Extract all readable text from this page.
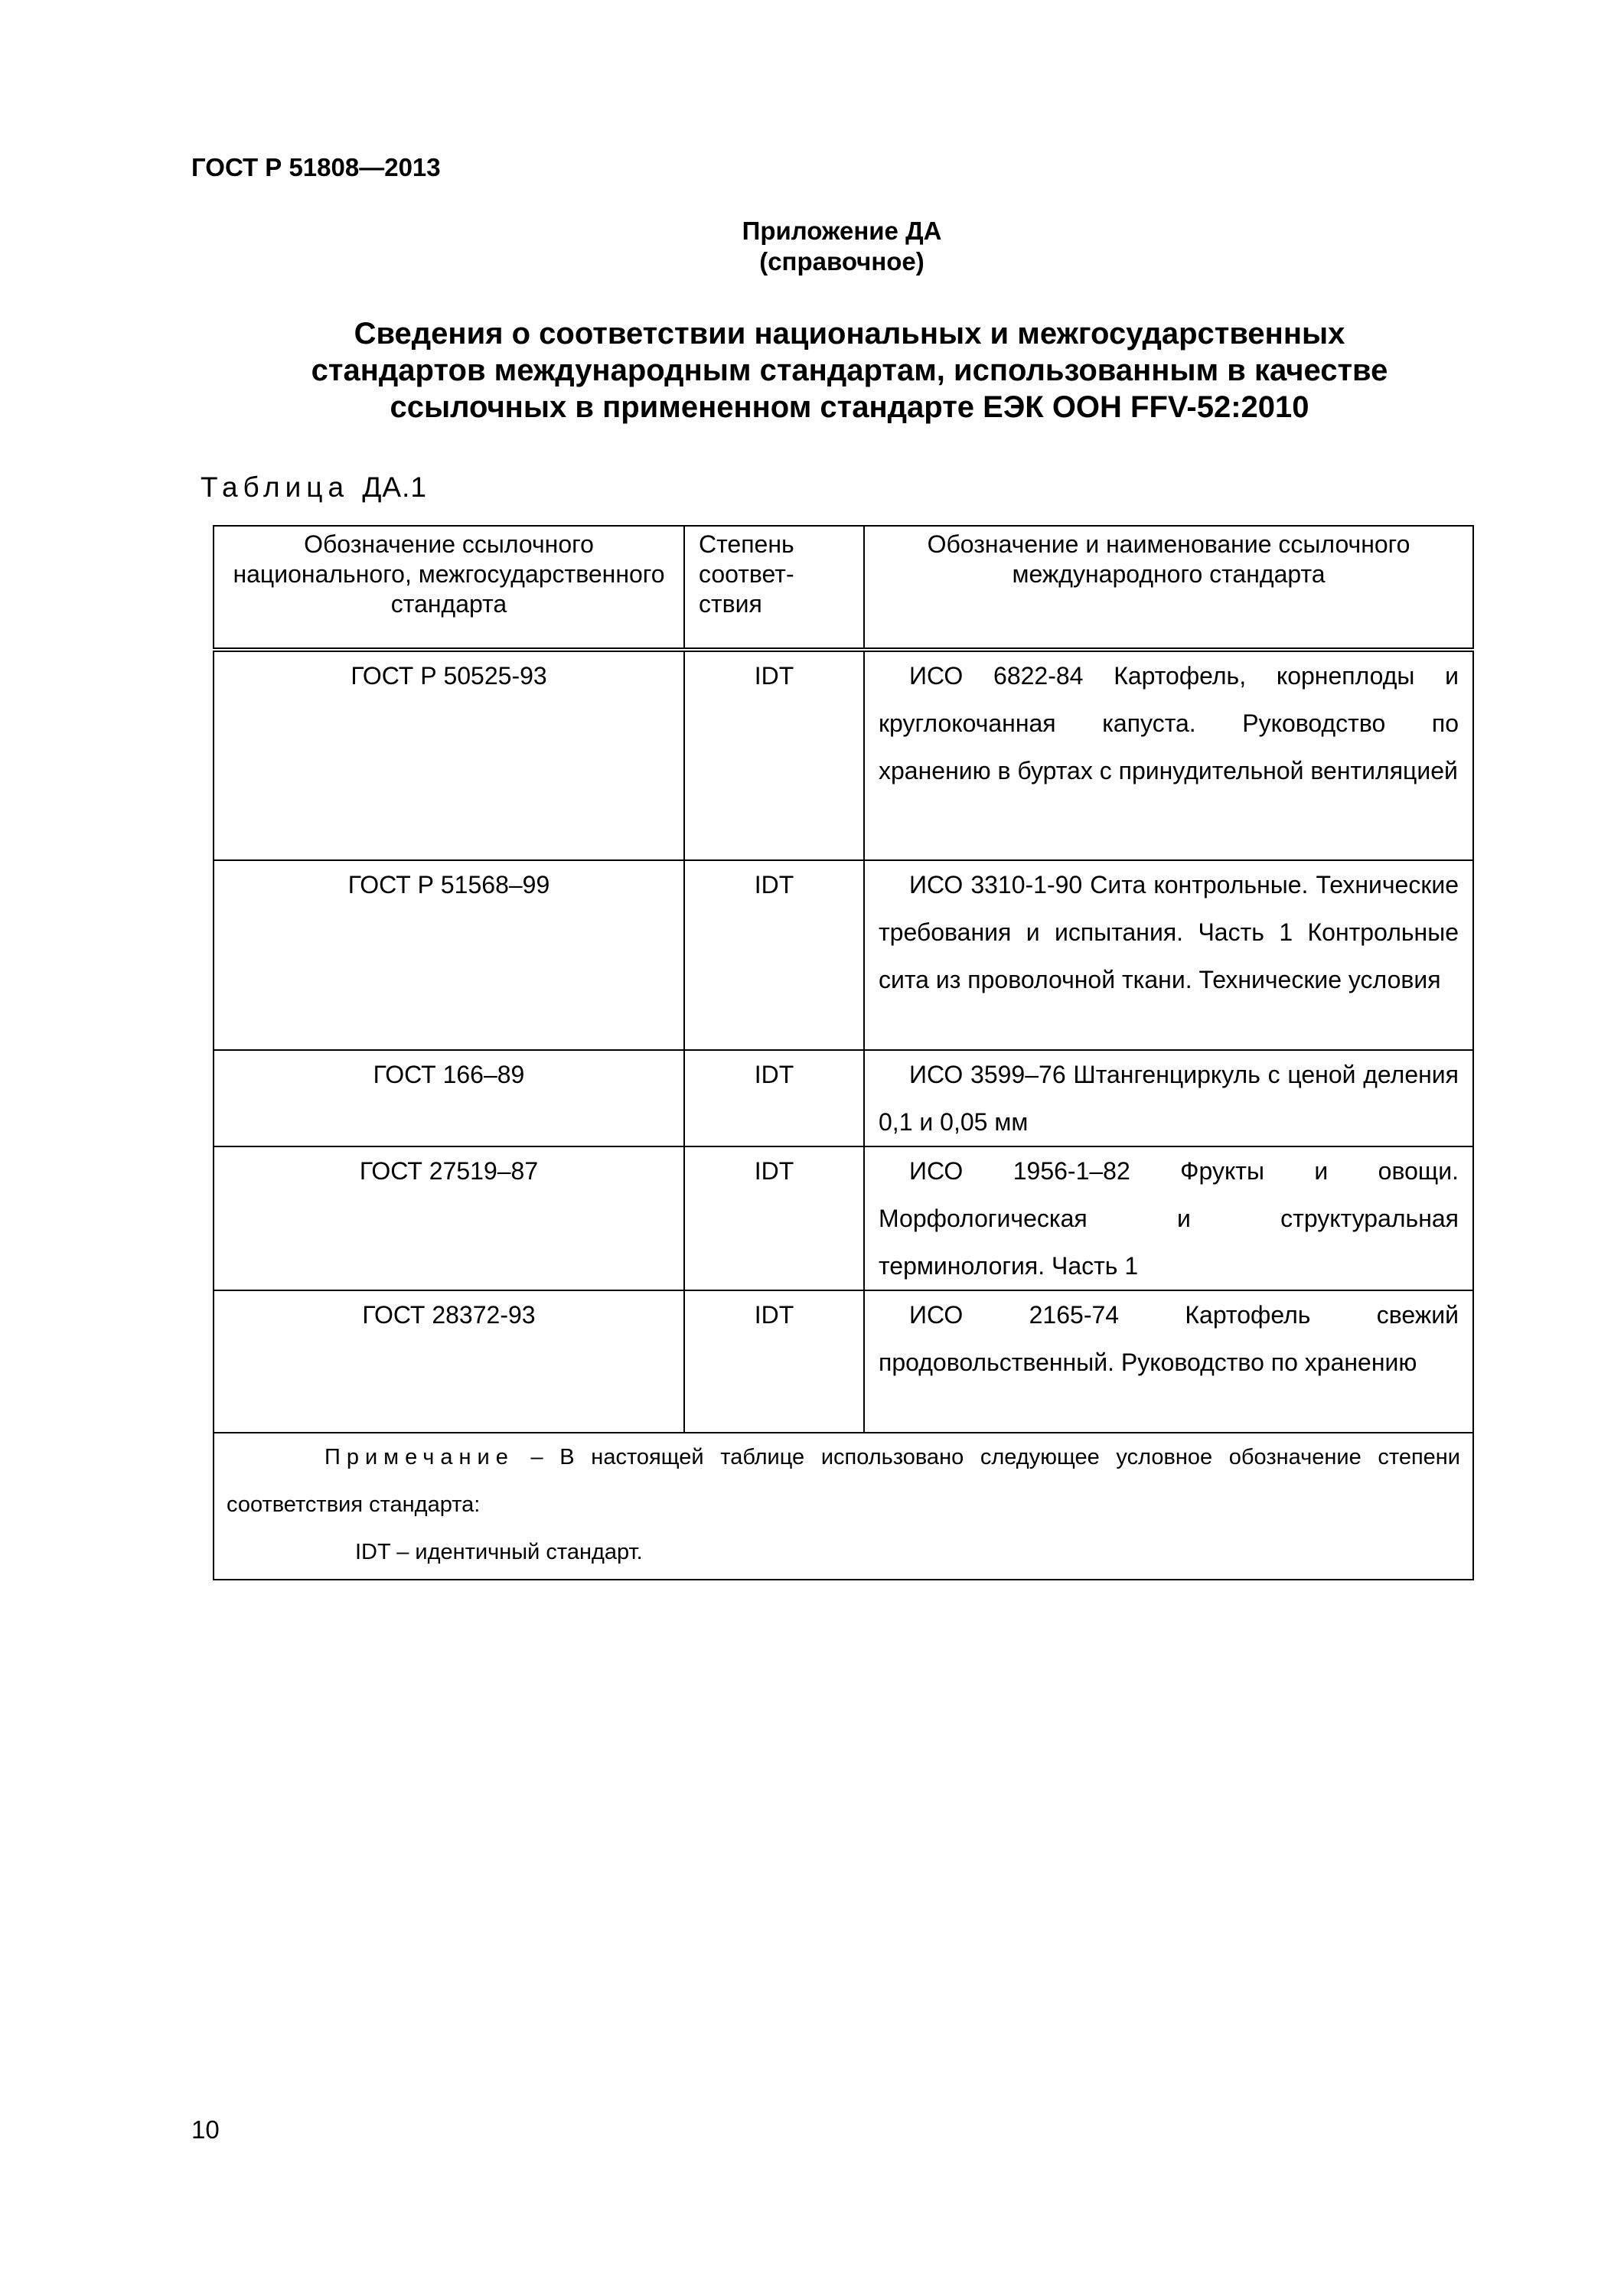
ГОСТ Р 51808—2013
Приложение ДА
(справочное)
Сведения о соответствии национальных и межгосударственных
стандартов международным стандартам, использованным в качестве
ссылочных в примененном стандарте ЕЭК ООН FFV-52:2010
Таблица ДА.1
Обозначение ссылочного национального, межгосударственного стандарта	Степень соответ- ствия	Обозначение и наименование ссылочного международного стандарта
ГОСТ Р 50525-93	IDT	ИСО 6822-84 Картофель, корнеплоды и круглокочанная капуста. Руководство по хранению в буртах с принудительной вентиляцией
ГОСТ Р 51568–99	IDT	ИСО 3310-1-90 Сита контрольные. Технические требования и испытания. Часть 1 Контрольные сита из проволочной ткани. Технические условия
ГОСТ 166–89	IDT	ИСО 3599–76 Штангенциркуль с ценой деления 0,1 и 0,05 мм
ГОСТ 27519–87	IDT	ИСО 1956-1–82 Фрукты и овощи. Морфологическая и структуральная терминология. Часть 1
ГОСТ 28372-93	IDT	ИСО 2165-74 Картофель свежий продовольственный. Руководство по хранению
Примечание – В настоящей таблице использовано следующее условное обозначение степени соответствия стандарта:
IDT – идентичный стандарт.		
10
